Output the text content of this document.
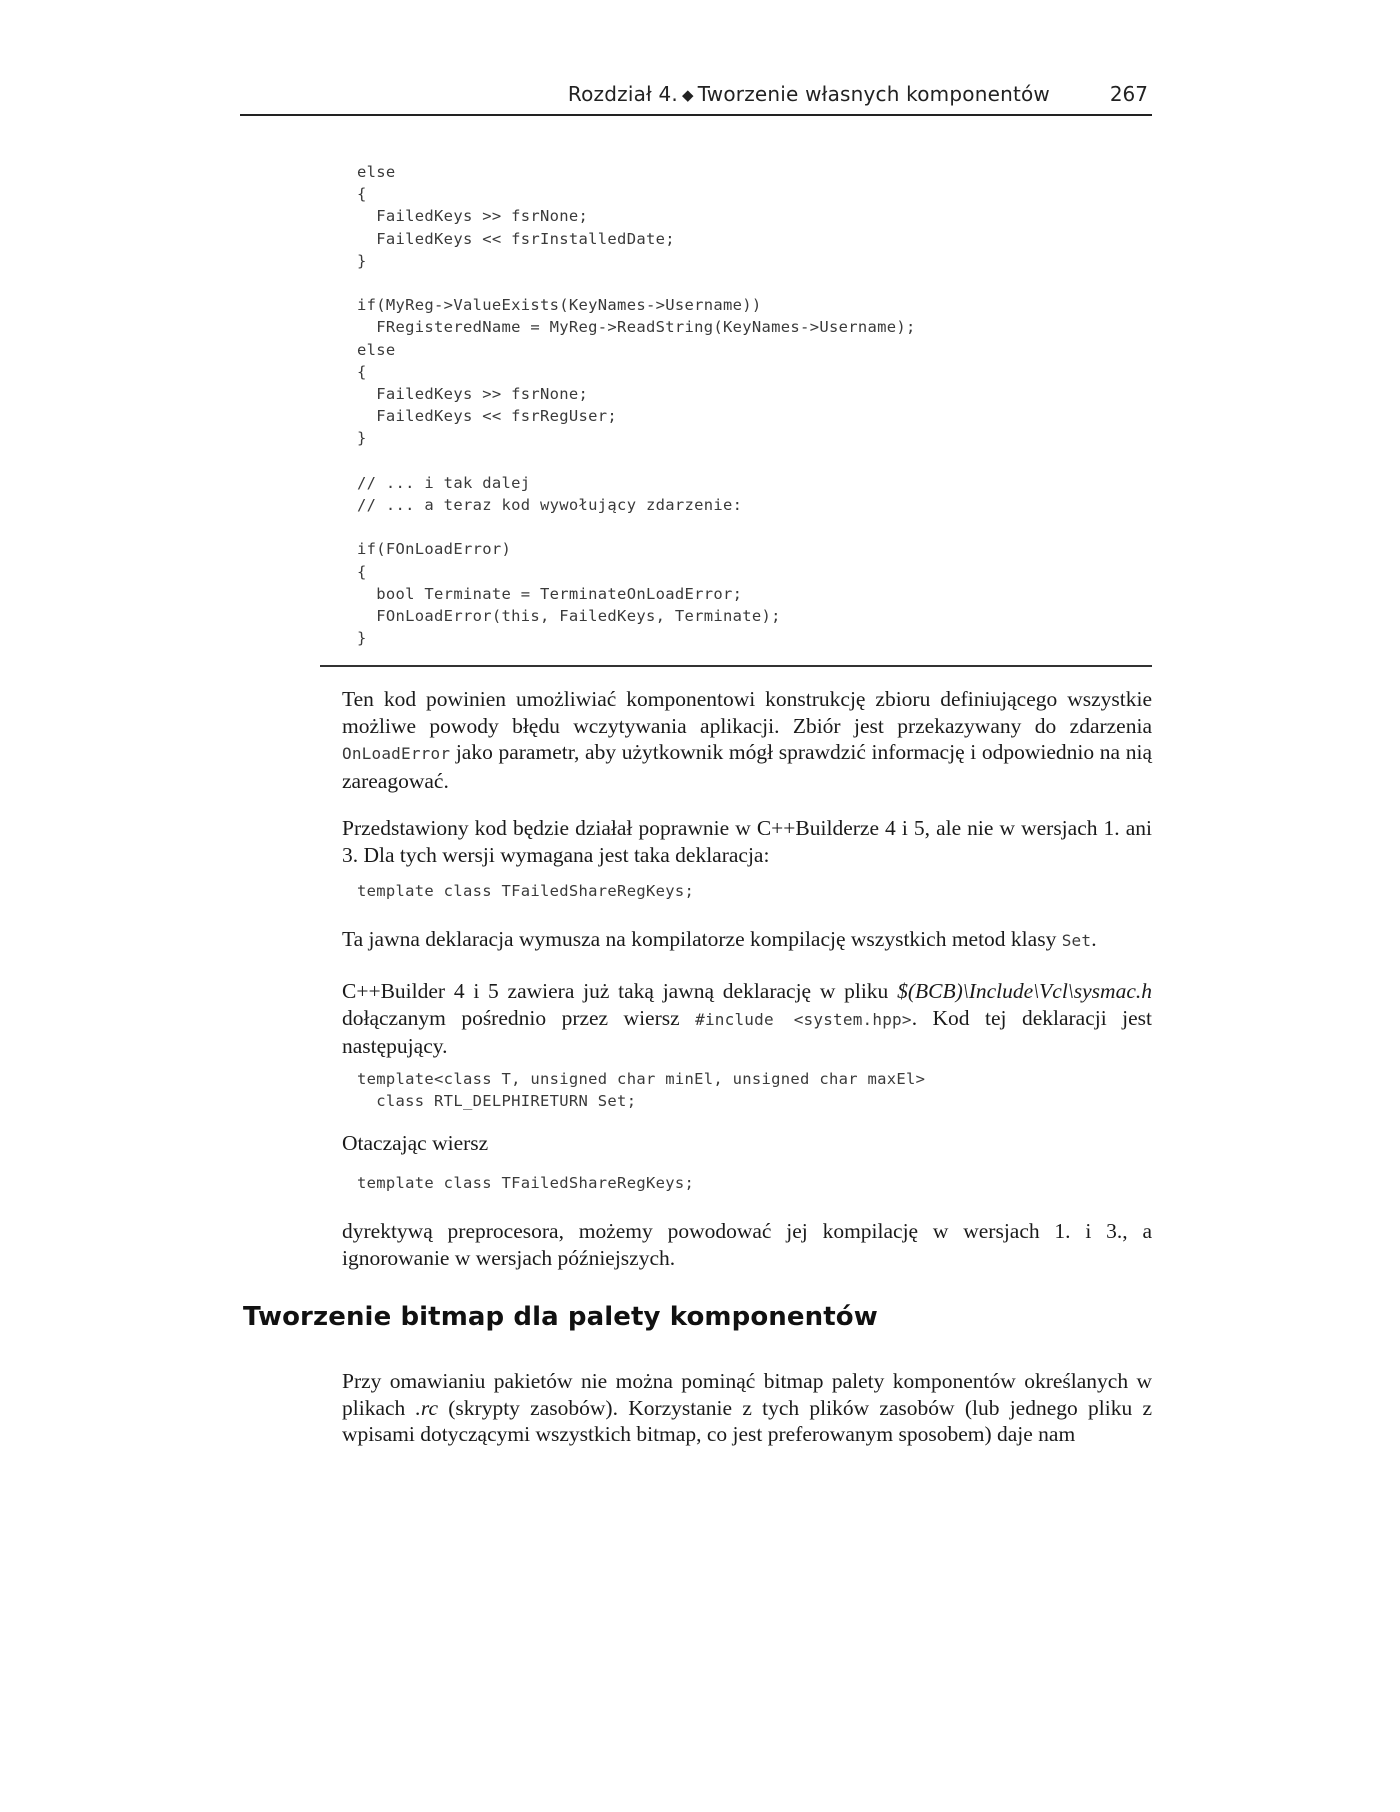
Rozdział 4. ◆ Tworzenie własnych komponentów	267
else
{
FailedKeys >> fsrNone;
FailedKeys << fsrInstalledDate;
}

if(MyReg->ValueExists(KeyNames->Username))
FRegisteredName = MyReg->ReadString(KeyNames->Username);
else
{
FailedKeys >> fsrNone;
FailedKeys << fsrRegUser;
}

// ... i tak dalej
// ... a teraz kod wywołujący zdarzenie:

if(FOnLoadError)
{
bool Terminate = TerminateOnLoadError;
FOnLoadError(this, FailedKeys, Terminate);
}

Ten kod powinien umożliwiać komponentowi konstrukcję zbioru definiującego wszystkie możliwe powody błędu wczytywania aplikacji. Zbiór jest przekazywany do zdarzenia OnLoadError jako parametr, aby użytkownik mógł sprawdzić informację i odpowiednio na nią zareagować.

Przedstawiony kod będzie działał poprawnie w C++Builderze 4 i 5, ale nie w wersjach 1. ani 3. Dla tych wersji wymagana jest taka deklaracja:

template class TFailedShareRegKeys;

Ta jawna deklaracja wymusza na kompilatorze kompilację wszystkich metod klasy Set.

C++Builder 4 i 5 zawiera już taką jawną deklarację w pliku $(BCB)\Include\Vcl\sysmac.h dołączanym pośrednio przez wiersz #include <system.hpp>. Kod tej deklaracji jest następujący.

template<class T, unsigned char minEl, unsigned char maxEl>
class RTL_DELPHIRETURN Set;

Otaczając wiersz

template class TFailedShareRegKeys;

dyrektywą preprocesora, możemy powodować jej kompilację w wersjach 1. i 3., a ignorowanie w wersjach późniejszych.

Tworzenie bitmap dla palety komponentów

Przy omawianiu pakietów nie można pominąć bitmap palety komponentów określanych w plikach .rc (skrypty zasobów). Korzystanie z tych plików zasobów (lub jednego pliku z wpisami dotyczącymi wszystkich bitmap, co jest preferowanym sposobem) daje nam
